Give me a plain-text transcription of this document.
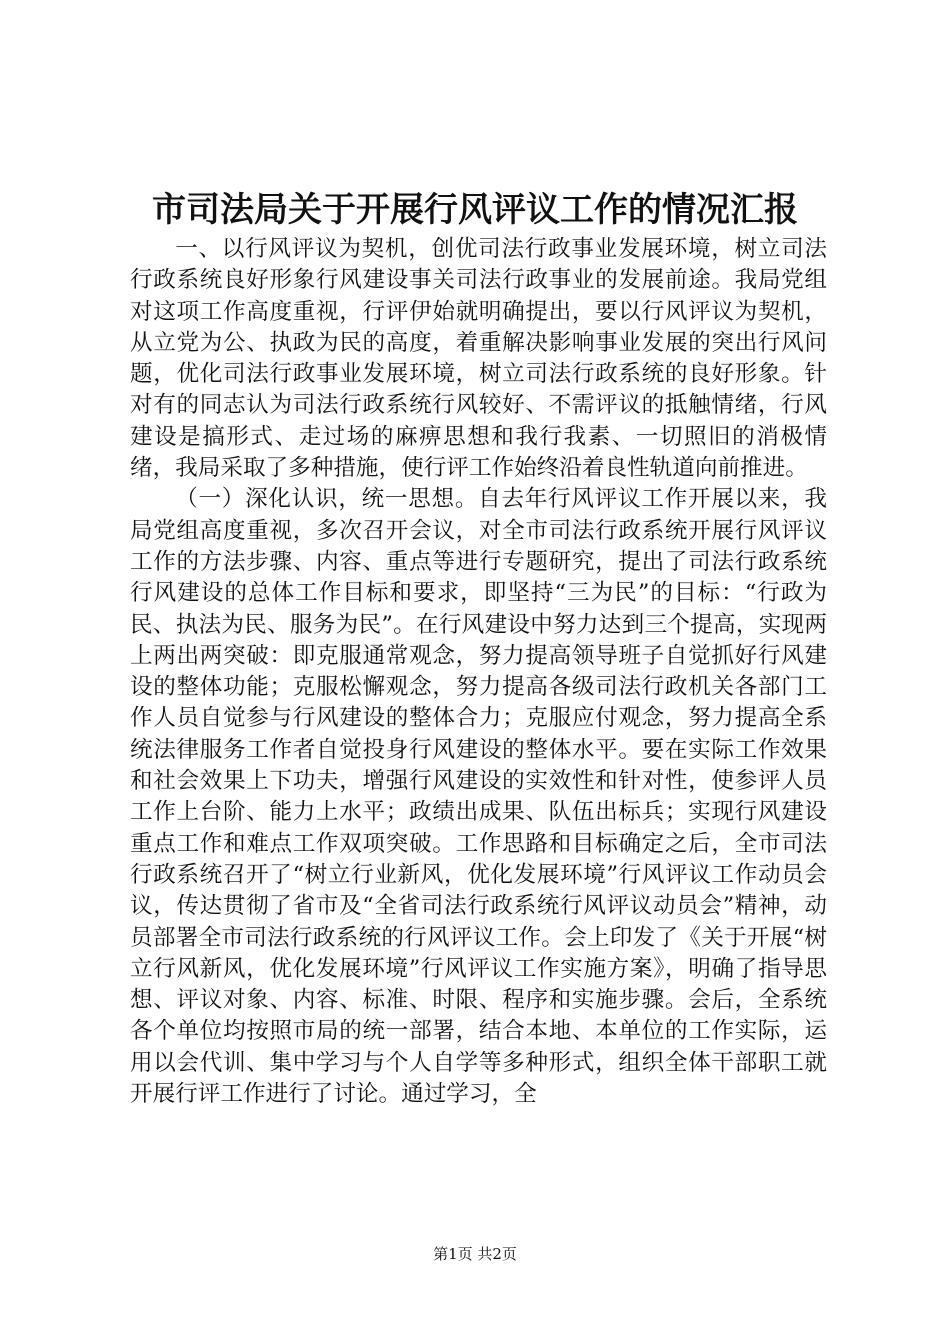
市司法局关于开展行风评议工作的情况汇报

一、以行风评议为契机，创优司法行政事业发展环境，树立司法行政系统良好形象行风建设事关司法行政事业的发展前途。我局党组对这项工作高度重视，行评伊始就明确提出，要以行风评议为契机，从立党为公、执政为民的高度，着重解决影响事业发展的突出行风问题，优化司法行政事业发展环境，树立司法行政系统的良好形象。针对有的同志认为司法行政系统行风较好、不需评议的抵触情绪，行风建设是搞形式、走过场的麻痹思想和我行我素、一切照旧的消极情绪，我局采取了多种措施，使行评工作始终沿着良性轨道向前推进。

（一）深化认识，统一思想。自去年行风评议工作开展以来，我局党组高度重视，多次召开会议，对全市司法行政系统开展行风评议工作的方法步骤、内容、重点等进行专题研究，提出了司法行政系统行风建设的总体工作目标和要求，即坚持“三为民”的目标：“行政为民、执法为民、服务为民”。在行风建设中努力达到三个提高，实现两上两出两突破：即克服通常观念，努力提高领导班子自觉抓好行风建设的整体功能；克服松懈观念，努力提高各级司法行政机关各部门工作人员自觉参与行风建设的整体合力；克服应付观念，努力提高全系统法律服务工作者自觉投身行风建设的整体水平。要在实际工作效果和社会效果上下功夫，增强行风建设的实效性和针对性，使参评人员工作上台阶、能力上水平；政绩出成果、队伍出标兵；实现行风建设重点工作和难点工作双项突破。工作思路和目标确定之后，全市司法行政系统召开了“树立行业新风，优化发展环境”行风评议工作动员会议，传达贯彻了省市及“全省司法行政系统行风评议动员会”精神，动员部署全市司法行政系统的行风评议工作。会上印发了《关于开展“树立行风新风，优化发展环境”行风评议工作实施方案》，明确了指导思想、评议对象、内容、标准、时限、程序和实施步骤。会后，全系统各个单位均按照市局的统一部署，结合本地、本单位的工作实际，运用以会代训、集中学习与个人自学等多种形式，组织全体干部职工就开展行评工作进行了讨论。通过学习，全

第1页 共2页
